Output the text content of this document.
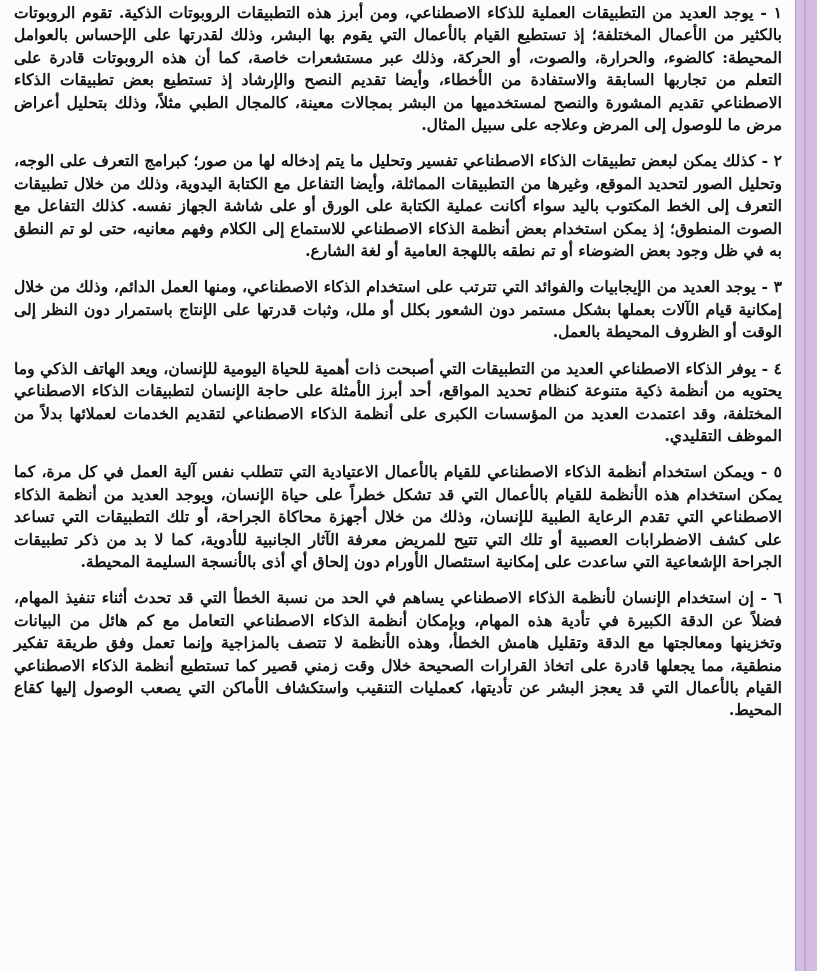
١ - يوجد العديد من التطبيقات العملية للذكاء الاصطناعي، ومن أبرز هذه التطبيقات الروبوتات الذكية. تقوم الروبوتات بالكثير من الأعمال المختلفة؛ إذ تستطيع القيام بالأعمال التي يقوم بها البشر، وذلك لقدرتها على الإحساس بالعوامل المحيطة: كالضوء، والحرارة، والصوت، أو الحركة، وذلك عبر مستشعرات خاصة، كما أن هذه الروبوتات قادرة على التعلم من تجاربها السابقة والاستفادة من الأخطاء، وأيضا تقديم النصح والإرشاد إذ تستطيع بعض تطبيقات الذكاء الاصطناعي تقديم المشورة والنصح لمستخدميها من البشر بمجالات معينة، كالمجال الطبي مثلاً، وذلك بتحليل أعراض مرض ما للوصول إلى المرض وعلاجه على سبيل المثال.

٢ - كذلك يمكن لبعض تطبيقات الذكاء الاصطناعي تفسير وتحليل ما يتم إدخاله لها من صور؛ كبرامج التعرف على الوجه، وتحليل الصور لتحديد الموقع، وغيرها من التطبيقات المماثلة، وأيضا التفاعل مع الكتابة اليدوية، وذلك من خلال تطبيقات التعرف إلى الخط المكتوب باليد سواء أكانت عملية الكتابة على الورق أو على شاشة الجهاز نفسه. كذلك التفاعل مع الصوت المنطوق؛ إذ يمكن استخدام بعض أنظمة الذكاء الاصطناعي للاستماع إلى الكلام وفهم معانيه، حتى لو تم النطق به في ظل وجود بعض الضوضاء أو تم نطقه باللهجة العامية أو لغة الشارع.

٣ - يوجد العديد من الإيجابيات والفوائد التي تترتب على استخدام الذكاء الاصطناعي، ومنها العمل الدائم، وذلك من خلال إمكانية قيام الآلات بعملها بشكل مستمر دون الشعور بكلل أو ملل، وثبات قدرتها على الإنتاج باستمرار دون النظر إلى الوقت أو الظروف المحيطة بالعمل.

٤ - يوفر الذكاء الاصطناعي العديد من التطبيقات التي أصبحت ذات أهمية للحياة اليومية للإنسان، ويعد الهاتف الذكي وما يحتويه من أنظمة ذكية متنوعة كنظام تحديد المواقع، أحد أبرز الأمثلة على حاجة الإنسان لتطبيقات الذكاء الاصطناعي المختلفة، وقد اعتمدت العديد من المؤسسات الكبرى على أنظمة الذكاء الاصطناعي لتقديم الخدمات لعملائها بدلاً من الموظف التقليدي.

٥ - ويمكن استخدام أنظمة الذكاء الاصطناعي للقيام بالأعمال الاعتيادية التي تتطلب نفس آلية العمل في كل مرة، كما يمكن استخدام هذه الأنظمة للقيام بالأعمال التي قد تشكل خطراً على حياة الإنسان، ويوجد العديد من أنظمة الذكاء الاصطناعي التي تقدم الرعاية الطبية للإنسان، وذلك من خلال أجهزة محاكاة الجراحة، أو تلك التطبيقات التي تساعد على كشف الاضطرابات العصبية أو تلك التي تتيح للمريض معرفة الآثار الجانبية للأدوية، كما لا بد من ذكر تطبيقات الجراحة الإشعاعية التي ساعدت على إمكانية استئصال الأورام دون إلحاق أي أذى بالأنسجة السليمة المحيطة.

٦ - إن استخدام الإنسان لأنظمة الذكاء الاصطناعي يساهم في الحد من نسبة الخطأ التي قد تحدث أثناء تنفيذ المهام، فضلاً عن الدقة الكبيرة في تأدية هذه المهام، وبإمكان أنظمة الذكاء الاصطناعي التعامل مع كم هائل من البيانات وتخزينها ومعالجتها مع الدقة وتقليل هامش الخطأ، وهذه الأنظمة لا تتصف بالمزاجية وإنما تعمل وفق طريقة تفكير منطقية، مما يجعلها قادرة على اتخاذ القرارات الصحيحة خلال وقت زمني قصير كما تستطيع أنظمة الذكاء الاصطناعي القيام بالأعمال التي قد يعجز البشر عن تأديتها، كعمليات التنقيب واستكشاف الأماكن التي يصعب الوصول إليها كقاع المحيط.
